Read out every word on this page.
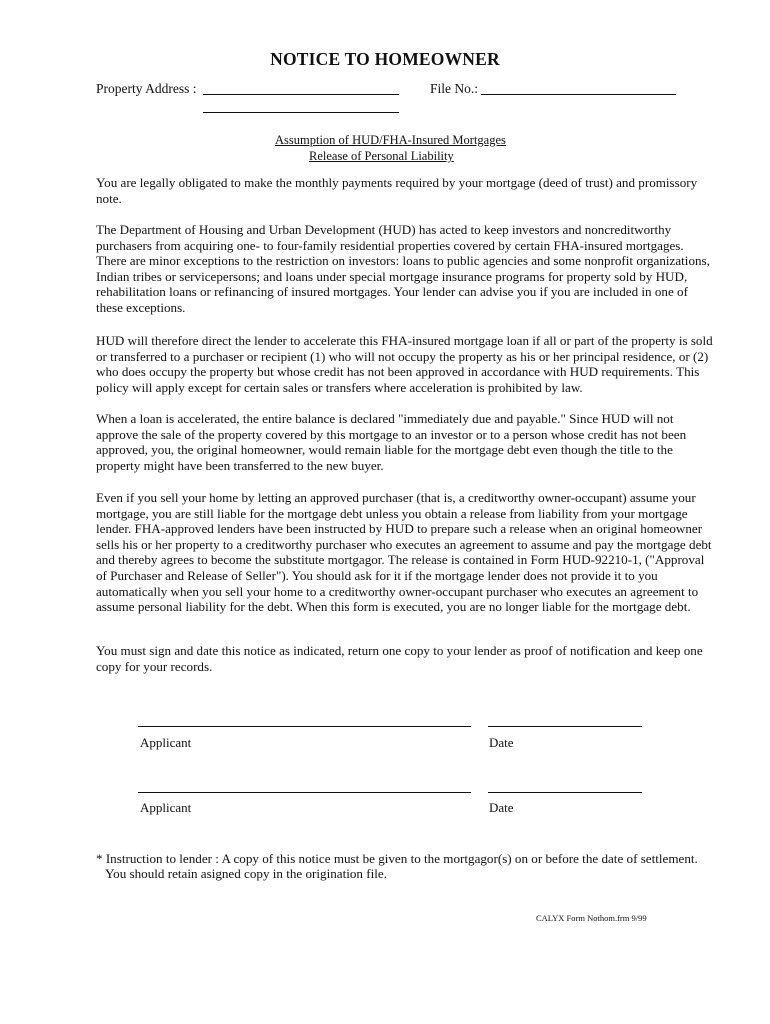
NOTICE TO HOMEOWNER
Property Address :	File No.:
Assumption of HUD/FHA-Insured Mortgages
Release of Personal Liability

You are legally obligated to make the monthly payments required by your mortgage (deed of trust) and promissory note.

The Department of Housing and Urban Development (HUD) has acted to keep investors and noncreditworthy purchasers from acquiring one- to four-family residential properties covered by certain FHA-insured mortgages. There are minor exceptions to the restriction on investors: loans to public agencies and some nonprofit organizations, Indian tribes or servicepersons; and loans under special mortgage insurance programs for property sold by HUD, rehabilitation loans or refinancing of insured mortgages. Your lender can advise you if you are included in one of these exceptions.

HUD will therefore direct the lender to accelerate this FHA-insured mortgage loan if all or part of the property is sold or transferred to a purchaser or recipient (1) who will not occupy the property as his or her principal residence, or (2) who does occupy the property but whose credit has not been approved in accordance with HUD requirements. This policy will apply except for certain sales or transfers where acceleration is prohibited by law.

When a loan is accelerated, the entire balance is declared "immediately due and payable." Since HUD will not approve the sale of the property covered by this mortgage to an investor or to a person whose credit has not been approved, you, the original homeowner, would remain liable for the mortgage debt even though the title to the property might have been transferred to the new buyer.

Even if you sell your home by letting an approved purchaser (that is, a creditworthy owner-occupant) assume your mortgage, you are still liable for the mortgage debt unless you obtain a release from liability from your mortgage lender. FHA-approved lenders have been instructed by HUD to prepare such a release when an original homeowner sells his or her property to a creditworthy purchaser who executes an agreement to assume and pay the mortgage debt and thereby agrees to become the substitute mortgagor. The release is contained in Form HUD-92210-1, ("Approval of Purchaser and Release of Seller"). You should ask for it if the mortgage lender does not provide it to you automatically when you sell your home to a creditworthy owner-occupant purchaser who executes an agreement to assume personal liability for the debt. When this form is executed, you are no longer liable for the mortgage debt.

You must sign and date this notice as indicated, return one copy to your lender as proof of notification and keep one copy for your records.

Applicant	Date
Applicant	Date
* Instruction to lender : A copy of this notice must be given to the mortgagor(s) on or before the date of settlement.
You should retain asigned copy in the origination file.
CALYX Form Nothom.frm 9/99
